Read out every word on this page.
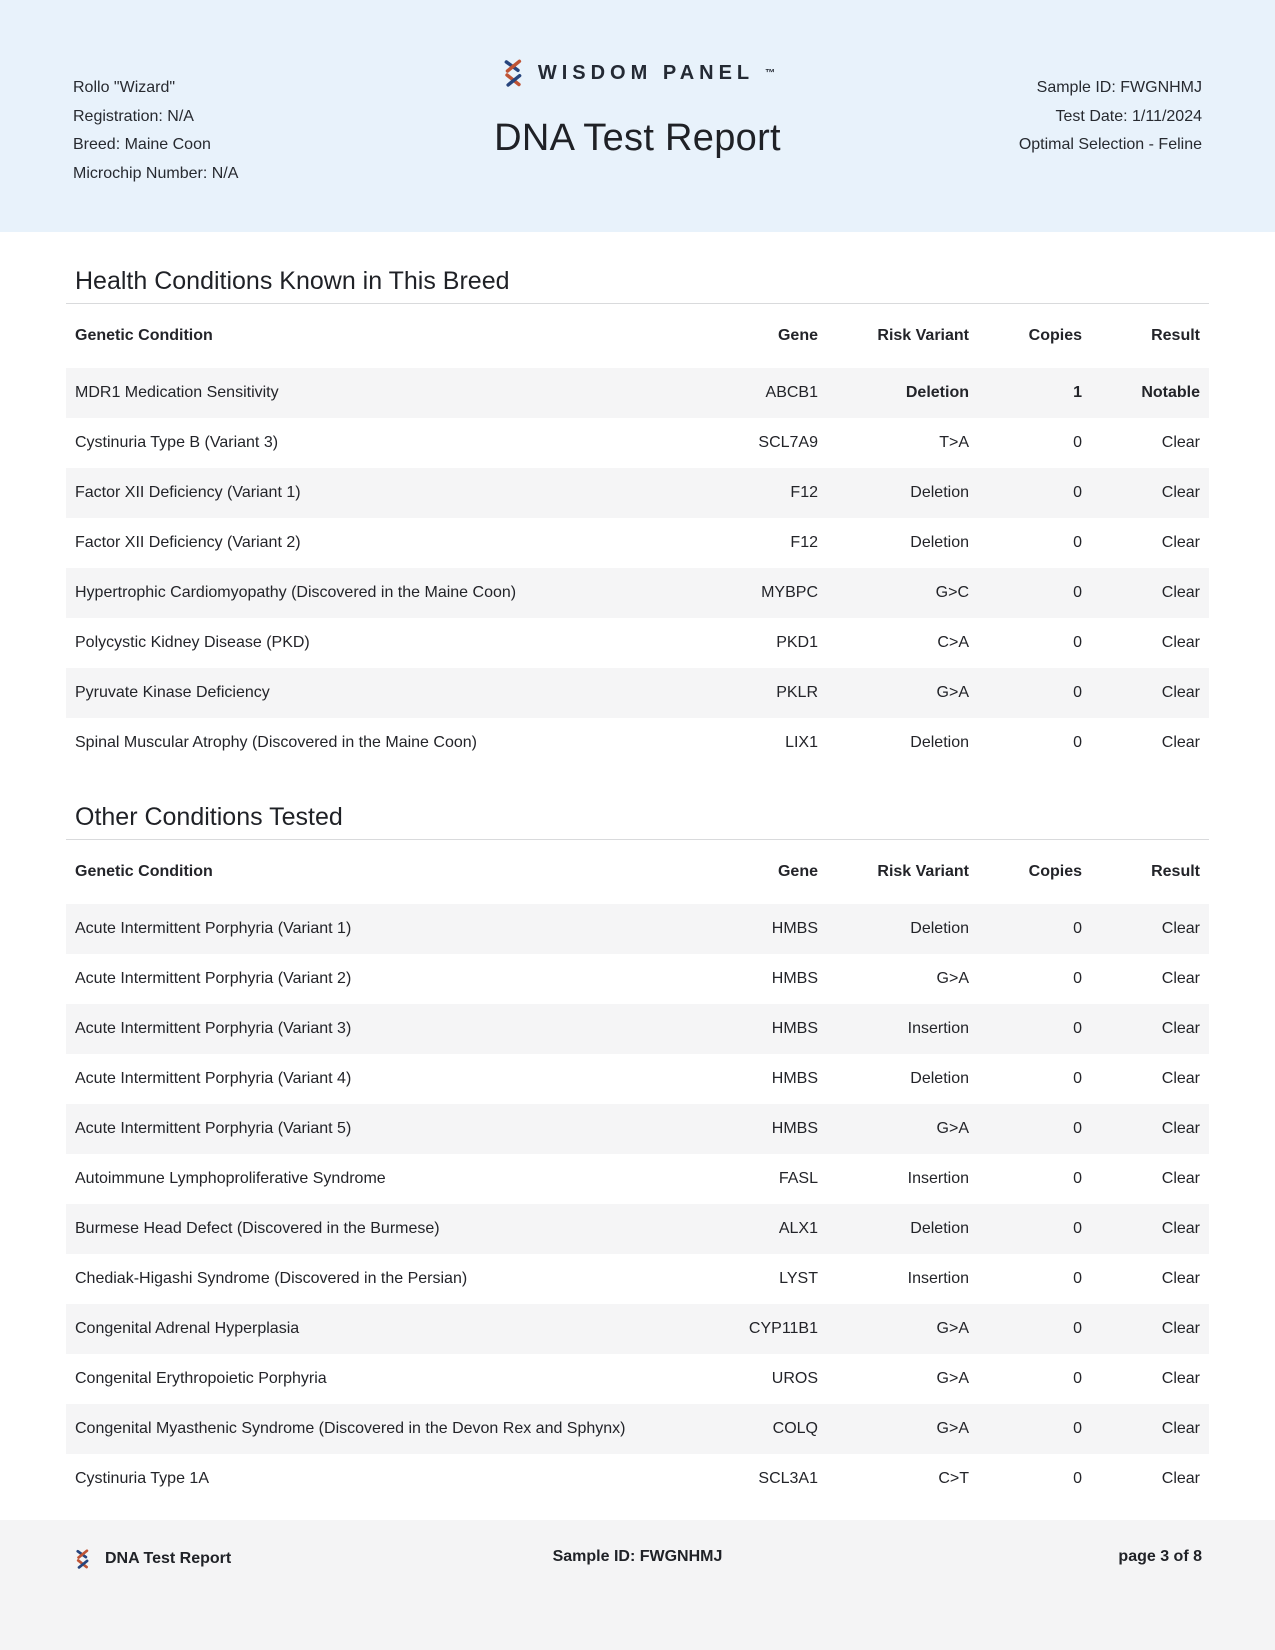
Rollo "Wizard"
Registration: N/A
Breed: Maine Coon
Microchip Number: N/A
WISDOM PANEL ™
DNA Test Report
Sample ID: FWGNHMJ
Test Date: 1/11/2024
Optimal Selection - Feline
Health Conditions Known in This Breed
Genetic Condition	Gene	Risk Variant	Copies	Result
MDR1 Medication Sensitivity	ABCB1	Deletion	1	Notable
Cystinuria Type B (Variant 3)	SCL7A9	T>A	0	Clear
Factor XII Deficiency (Variant 1)	F12	Deletion	0	Clear
Factor XII Deficiency (Variant 2)	F12	Deletion	0	Clear
Hypertrophic Cardiomyopathy (Discovered in the Maine Coon)	MYBPC	G>C	0	Clear
Polycystic Kidney Disease (PKD)	PKD1	C>A	0	Clear
Pyruvate Kinase Deficiency	PKLR	G>A	0	Clear
Spinal Muscular Atrophy (Discovered in the Maine Coon)	LIX1	Deletion	0	Clear
Other Conditions Tested
Genetic Condition	Gene	Risk Variant	Copies	Result
Acute Intermittent Porphyria (Variant 1)	HMBS	Deletion	0	Clear
Acute Intermittent Porphyria (Variant 2)	HMBS	G>A	0	Clear
Acute Intermittent Porphyria (Variant 3)	HMBS	Insertion	0	Clear
Acute Intermittent Porphyria (Variant 4)	HMBS	Deletion	0	Clear
Acute Intermittent Porphyria (Variant 5)	HMBS	G>A	0	Clear
Autoimmune Lymphoproliferative Syndrome	FASL	Insertion	0	Clear
Burmese Head Defect (Discovered in the Burmese)	ALX1	Deletion	0	Clear
Chediak-Higashi Syndrome (Discovered in the Persian)	LYST	Insertion	0	Clear
Congenital Adrenal Hyperplasia	CYP11B1	G>A	0	Clear
Congenital Erythropoietic Porphyria	UROS	G>A	0	Clear
Congenital Myasthenic Syndrome (Discovered in the Devon Rex and Sphynx)	COLQ	G>A	0	Clear
Cystinuria Type 1A	SCL3A1	C>T	0	Clear
DNA Test Report	Sample ID: FWGNHMJ	page 3 of 8
